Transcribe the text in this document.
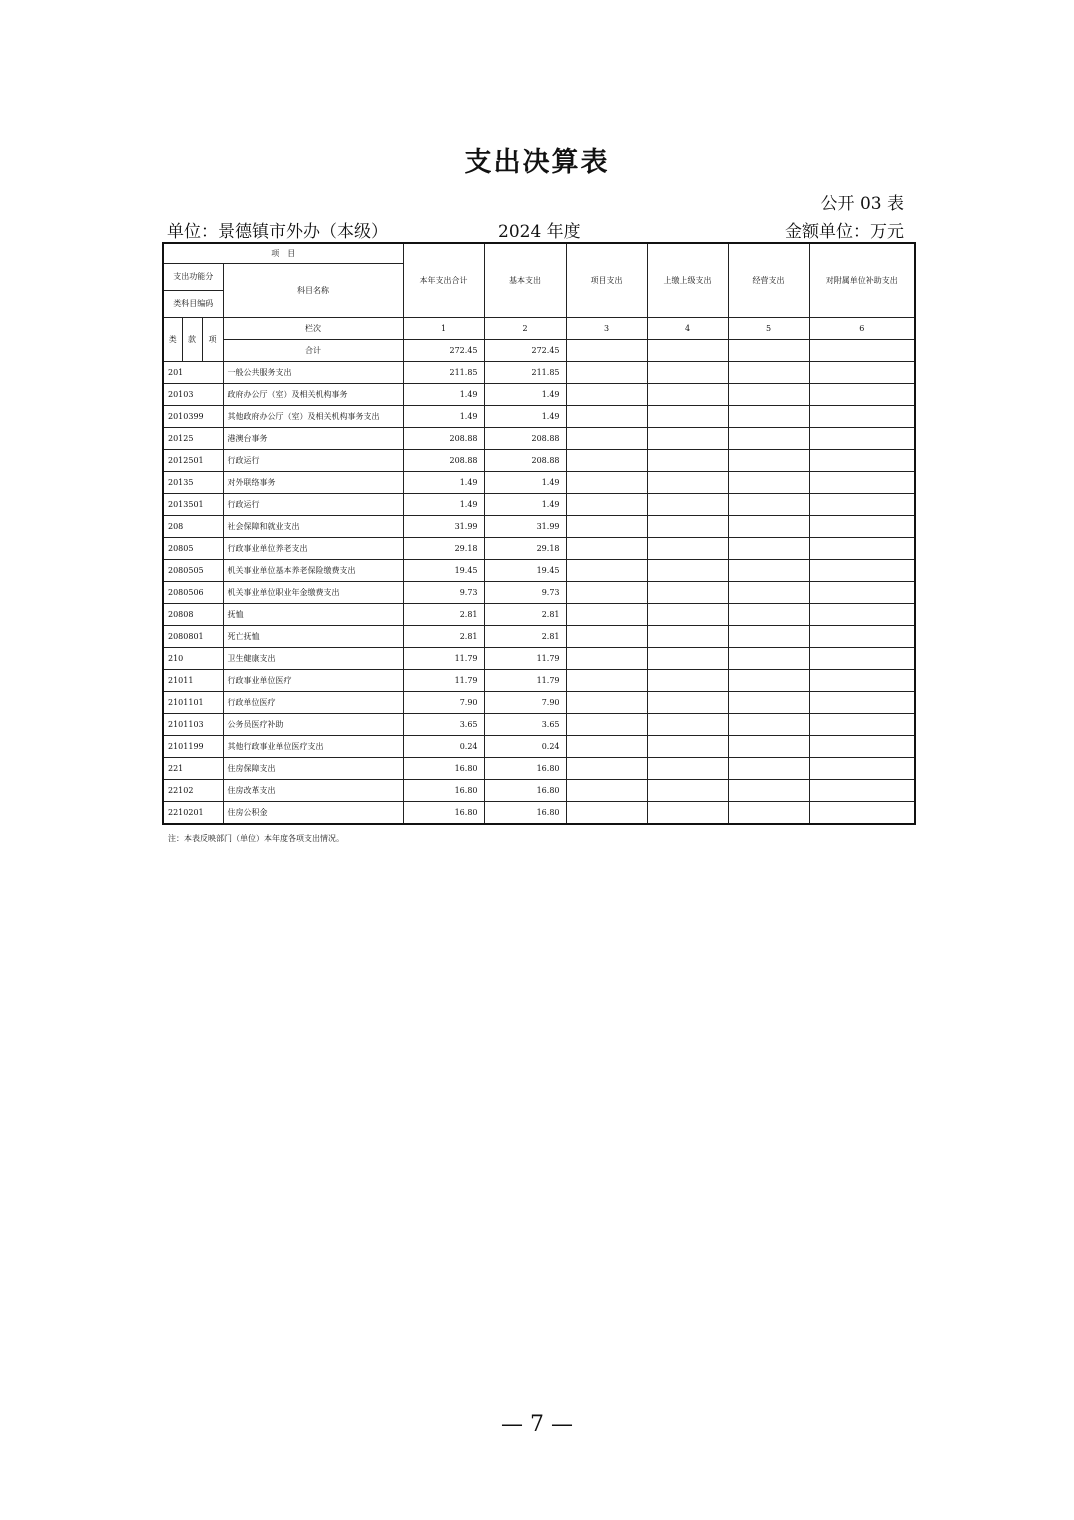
支出决算表
公开 03 表
单位：景德镇市外办（本级）	2024 年度	金额单位：万元
项　目				本年支出合计	基本支出	项目支出	上缴上级支出	经营支出	对附属单位补助支出
支出功能分			科目名称						
类科目编码									
类	款	项	栏次	1	2	3	4	5	6
			合计	272.45	272.45				
201			一般公共服务支出	211.85	211.85				
20103			政府办公厅（室）及相关机构事务	1.49	1.49				
2010399			其他政府办公厅（室）及相关机构事务支出	1.49	1.49				
20125			港澳台事务	208.88	208.88				
2012501			行政运行	208.88	208.88				
20135			对外联络事务	1.49	1.49				
2013501			行政运行	1.49	1.49				
208			社会保障和就业支出	31.99	31.99				
20805			行政事业单位养老支出	29.18	29.18				
2080505			机关事业单位基本养老保险缴费支出	19.45	19.45				
2080506			机关事业单位职业年金缴费支出	9.73	9.73				
20808			抚恤	2.81	2.81				
2080801			死亡抚恤	2.81	2.81				
210			卫生健康支出	11.79	11.79				
21011			行政事业单位医疗	11.79	11.79				
2101101			行政单位医疗	7.90	7.90				
2101103			公务员医疗补助	3.65	3.65				
2101199			其他行政事业单位医疗支出	0.24	0.24				
221			住房保障支出	16.80	16.80				
22102			住房改革支出	16.80	16.80				
2210201			住房公积金	16.80	16.80				
注：本表反映部门（单位）本年度各项支出情况。
— 7 —
